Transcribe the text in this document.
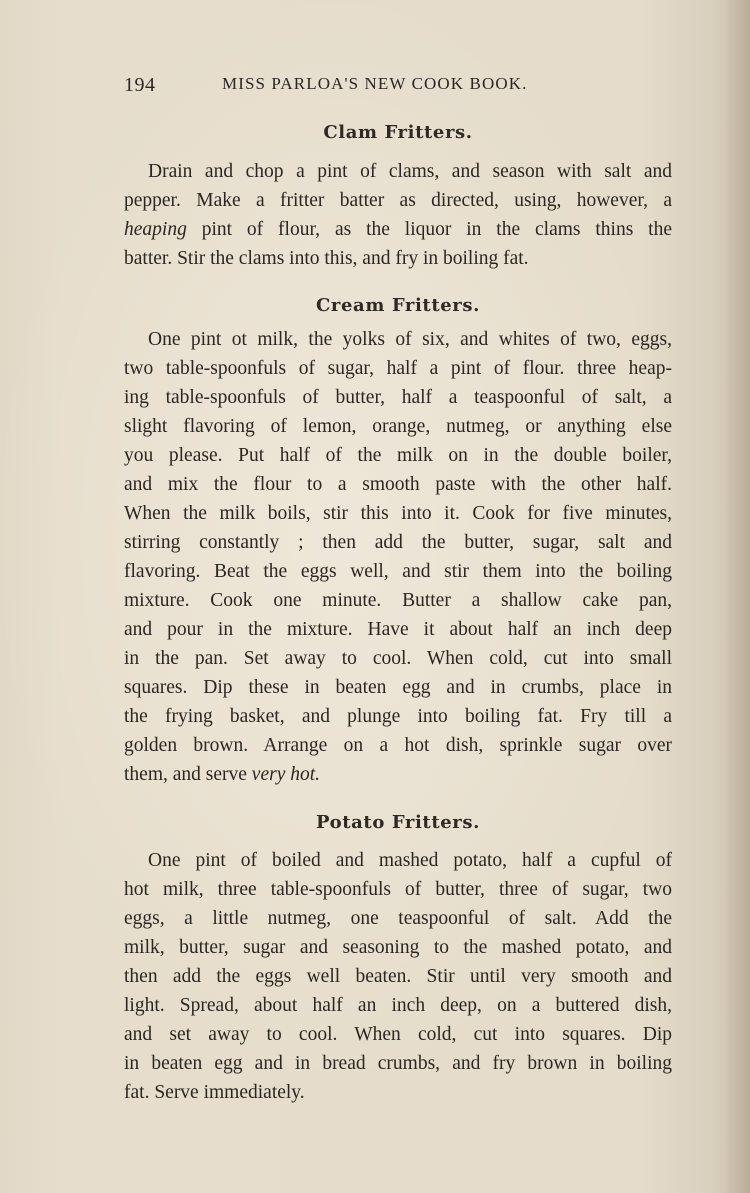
194	MISS PARLOA'S NEW COOK BOOK.
Clam Fritters.

Drain and chop a pint of clams, and season with salt and

pepper. Make a fritter batter as directed, using, however, a

heaping pint of flour, as the liquor in the clams thins the

batter. Stir the clams into this, and fry in boiling fat.

Cream Fritters.

One pint ot milk, the yolks of six, and whites of two, eggs,

two table-spoonfuls of sugar, half a pint of flour. three heap-

ing table-spoonfuls of butter, half a teaspoonful of salt, a

slight flavoring of lemon, orange, nutmeg, or anything else

you please. Put half of the milk on in the double boiler,

and mix the flour to a smooth paste with the other half.

When the milk boils, stir this into it. Cook for five minutes,

stirring constantly ; then add the butter, sugar, salt and

flavoring. Beat the eggs well, and stir them into the boiling

mixture. Cook one minute. Butter a shallow cake pan,

and pour in the mixture. Have it about half an inch deep

in the pan. Set away to cool. When cold, cut into small

squares. Dip these in beaten egg and in crumbs, place in

the frying basket, and plunge into boiling fat. Fry till a

golden brown. Arrange on a hot dish, sprinkle sugar over

them, and serve very hot.

Potato Fritters.

One pint of boiled and mashed potato, half a cupful of

hot milk, three table-spoonfuls of butter, three of sugar, two

eggs, a little nutmeg, one teaspoonful of salt. Add the

milk, butter, sugar and seasoning to the mashed potato, and

then add the eggs well beaten. Stir until very smooth and

light. Spread, about half an inch deep, on a buttered dish,

and set away to cool. When cold, cut into squares. Dip

in beaten egg and in bread crumbs, and fry brown in boiling

fat. Serve immediately.
